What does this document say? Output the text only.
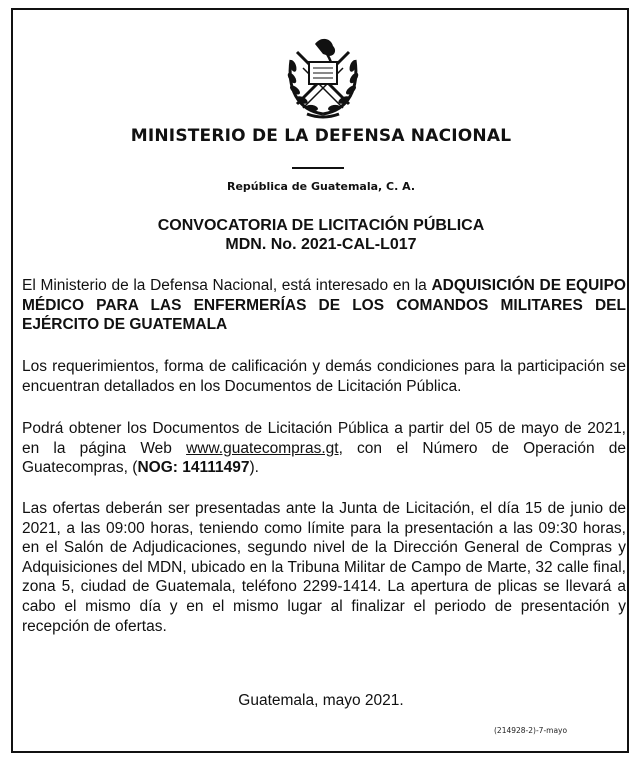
MINISTERIO DE LA DEFENSA NACIONAL
República de Guatemala, C. A.
CONVOCATORIA DE LICITACIÓN PÚBLICA
MDN. No. 2021-CAL-L017
El Ministerio de la Defensa Nacional, está interesado en la ADQUISICIÓN DE EQUIPO MÉDICO PARA LAS ENFERMERÍAS DE LOS COMANDOS MILITARES DEL EJÉRCITO DE GUATEMALA
Los requerimientos, forma de calificación y demás condiciones para la participación se encuentran detallados en los Documentos de Licitación Pública.
Podrá obtener los Documentos de Licitación Pública a partir del 05 de mayo de 2021, en la página Web www.guatecompras.gt, con el Número de Operación de Guatecompras, (NOG: 14111497).
Las ofertas deberán ser presentadas ante la Junta de Licitación, el día 15 de junio de 2021, a las 09:00 horas, teniendo como límite para la presentación a las 09:30 horas, en el Salón de Adjudicaciones, segundo nivel de la Dirección General de Compras y Adquisiciones del MDN, ubicado en la Tribuna Militar de Campo de Marte, 32 calle final, zona 5, ciudad de Guatemala, teléfono 2299-1414. La apertura de plicas se llevará a cabo el mismo día y en el mismo lugar al finalizar el periodo de presentación y recepción de ofertas.
Guatemala, mayo 2021.
(214928-2)-7-mayo
